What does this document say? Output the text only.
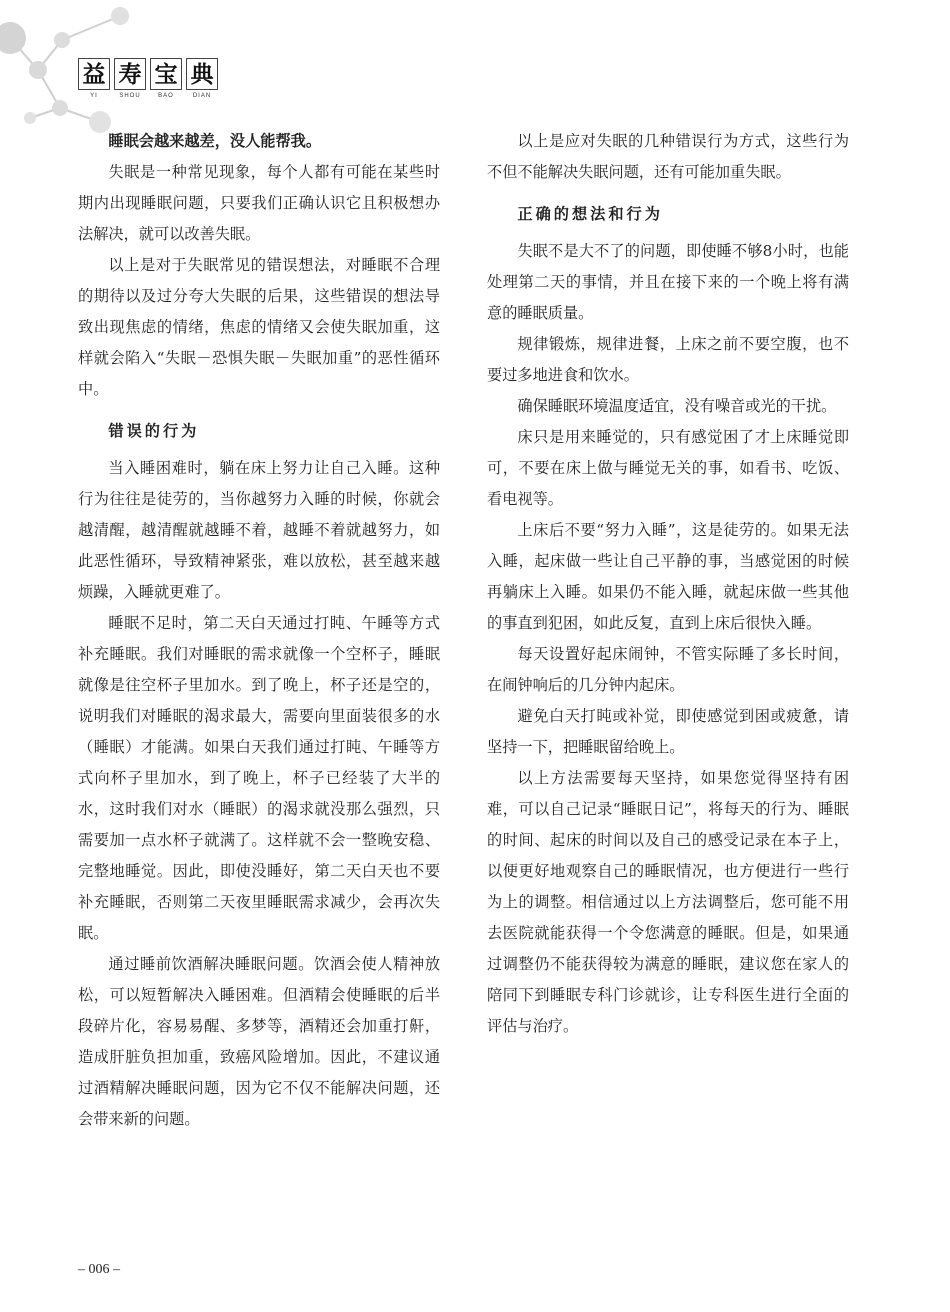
益 寿 宝 典
YI	SHOU	BAO	DIAN

睡眠会越来越差，没人能帮我。

失眠是一种常见现象，每个人都有可能在某些时期内出现睡眠问题，只要我们正确认识它且积极想办法解决，就可以改善失眠。

以上是对于失眠常见的错误想法，对睡眠不合理的期待以及过分夸大失眠的后果，这些错误的想法导致出现焦虑的情绪，焦虑的情绪又会使失眠加重，这样就会陷入“失眠－恐惧失眠－失眠加重”的恶性循环中。

错误的行为

当入睡困难时，躺在床上努力让自己入睡。这种行为往往是徒劳的，当你越努力入睡的时候，你就会越清醒，越清醒就越睡不着，越睡不着就越努力，如此恶性循环，导致精神紧张，难以放松，甚至越来越烦躁，入睡就更难了。

睡眠不足时，第二天白天通过打盹、午睡等方式补充睡眠。我们对睡眠的需求就像一个空杯子，睡眠就像是往空杯子里加水。到了晚上，杯子还是空的，说明我们对睡眠的渴求最大，需要向里面装很多的水（睡眠）才能满。如果白天我们通过打盹、午睡等方式向杯子里加水，到了晚上，杯子已经装了大半的水，这时我们对水（睡眠）的渴求就没那么强烈，只需要加一点水杯子就满了。这样就不会一整晚安稳、完整地睡觉。因此，即使没睡好，第二天白天也不要补充睡眠，否则第二天夜里睡眠需求减少，会再次失眠。

通过睡前饮酒解决睡眠问题。饮酒会使人精神放松，可以短暂解决入睡困难。但酒精会使睡眠的后半段碎片化，容易易醒、多梦等，酒精还会加重打鼾，造成肝脏负担加重，致癌风险增加。因此，不建议通过酒精解决睡眠问题，因为它不仅不能解决问题，还会带来新的问题。

以上是应对失眠的几种错误行为方式，这些行为不但不能解决失眠问题，还有可能加重失眠。

正确的想法和行为

失眠不是大不了的问题，即使睡不够8小时，也能处理第二天的事情，并且在接下来的一个晚上将有满意的睡眠质量。

规律锻炼，规律进餐，上床之前不要空腹，也不要过多地进食和饮水。

确保睡眠环境温度适宜，没有噪音或光的干扰。

床只是用来睡觉的，只有感觉困了才上床睡觉即可，不要在床上做与睡觉无关的事，如看书、吃饭、看电视等。

上床后不要“努力入睡”，这是徒劳的。如果无法入睡，起床做一些让自己平静的事，当感觉困的时候再躺床上入睡。如果仍不能入睡，就起床做一些其他的事直到犯困，如此反复，直到上床后很快入睡。

每天设置好起床闹钟，不管实际睡了多长时间，在闹钟响后的几分钟内起床。

避免白天打盹或补觉，即使感觉到困或疲惫，请坚持一下，把睡眠留给晚上。

以上方法需要每天坚持，如果您觉得坚持有困难，可以自己记录“睡眠日记”，将每天的行为、睡眠的时间、起床的时间以及自己的感受记录在本子上，以便更好地观察自己的睡眠情况，也方便进行一些行为上的调整。相信通过以上方法调整后，您可能不用去医院就能获得一个令您满意的睡眠。但是，如果通过调整仍不能获得较为满意的睡眠，建议您在家人的陪同下到睡眠专科门诊就诊，让专科医生进行全面的评估与治疗。

– 006 –
